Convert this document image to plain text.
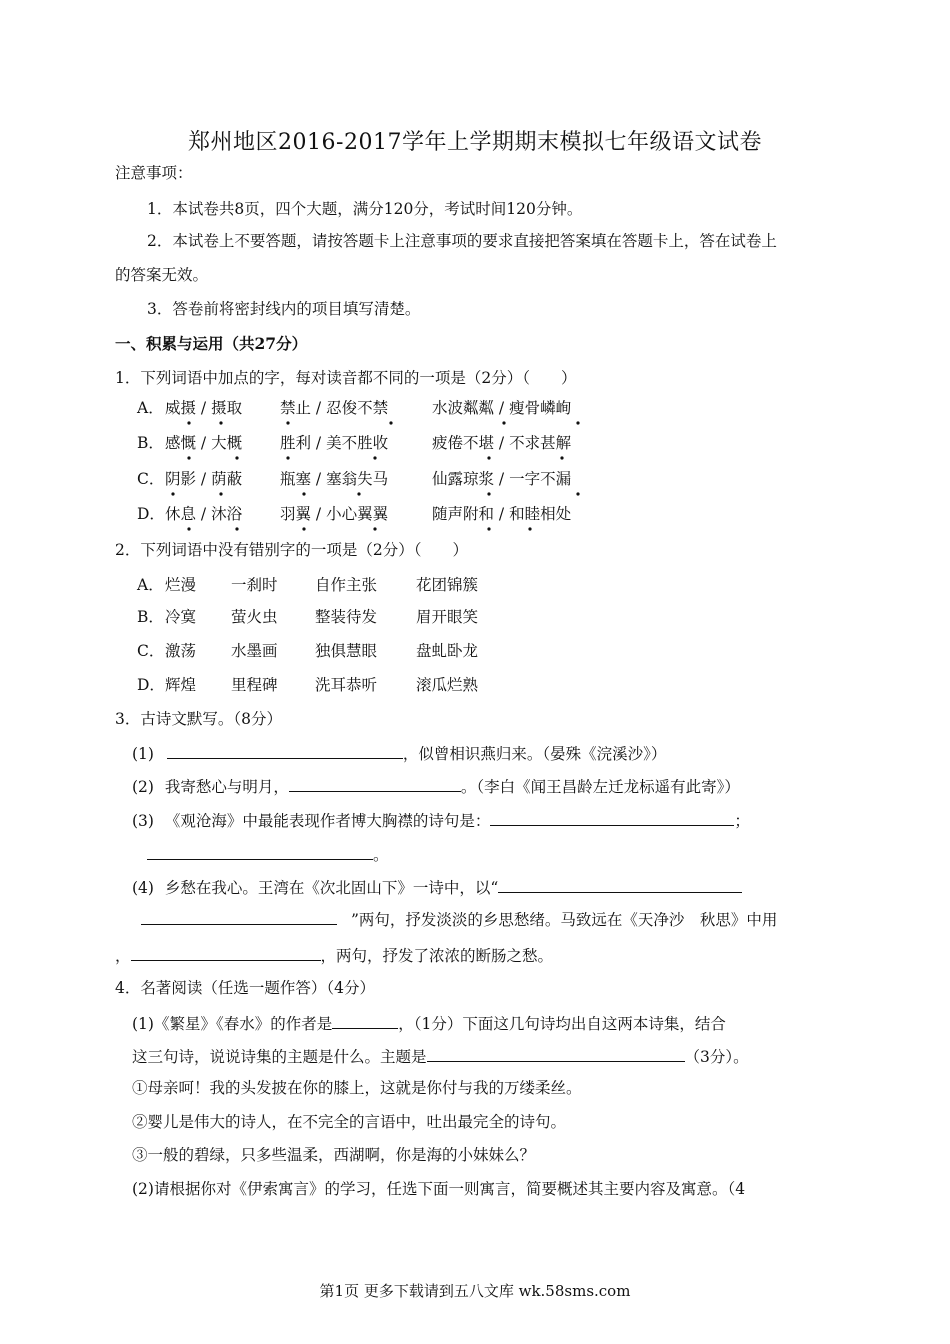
郑州地区2016-2017学年上学期期末模拟七年级语文试卷
注意事项：
1．本试卷共8页，四个大题，满分120分，考试时间120分钟。
2．本试卷上不要答题，请按答题卡上注意事项的要求直接把答案填在答题卡上，答在试卷上
的答案无效。
3．答卷前将密封线内的项目填写清楚。
一、积累与运用（共27分）
1．下列词语中加点的字，每对读音都不同的一项是（2分）（　　）
A． 威摄 / 摄取 禁止 / 忍俊不禁	水波粼粼 / 瘦骨嶙峋
B． 感慨 / 大概 胜利 / 美不胜收	疲倦不堪 / 不求甚解
C． 阴影 / 荫蔽 瓶塞 / 塞翁失马	仙露琼浆 / 一字不漏
D． 休息 / 沐浴 羽翼 / 小心翼翼	随声附和 / 和睦相处
2．下列词语中没有错别字的一项是（2分）（　　）
A． 烂漫 一刹时 自作主张	花团锦簇
B． 冷寞 萤火虫 整装待发	眉开眼笑
C． 激荡 水墨画 独俱慧眼	盘虬卧龙
D． 辉煌 里程碑 洗耳恭听	滚瓜烂熟
3．古诗文默写。（8分）
(1)	，似曾相识燕归来。（晏殊《浣溪沙》）
(2) 我寄愁心与明月，	。（李白《闻王昌龄左迁龙标遥有此寄》）
(3) 《观沧海》中最能表现作者博大胸襟的诗句是：	；
。
(4) 乡愁在我心。王湾在《次北固山下》一诗中，以“
”两句，抒发淡淡的乡思愁绪。马致远在《天净沙　秋思》中用
，	，两句，抒发了浓浓的断肠之愁。
4．名著阅读（任选一题作答）（4分）
(1)《繁星》《春水》的作者是	，（1分）下面这几句诗均出自这两本诗集，结合
这三句诗，说说诗集的主题是什么。主题是	（3分）。
①母亲呵！我的头发披在你的膝上，这就是你付与我的万缕柔丝。
②婴儿是伟大的诗人，在不完全的言语中，吐出最完全的诗句。
③一般的碧绿，只多些温柔，西湖啊，你是海的小妹妹么？
(2)请根据你对《伊索寓言》的学习，任选下面一则寓言，简要概述其主要内容及寓意。（4
第1页 更多下载请到五八文库 wk.58sms.com
